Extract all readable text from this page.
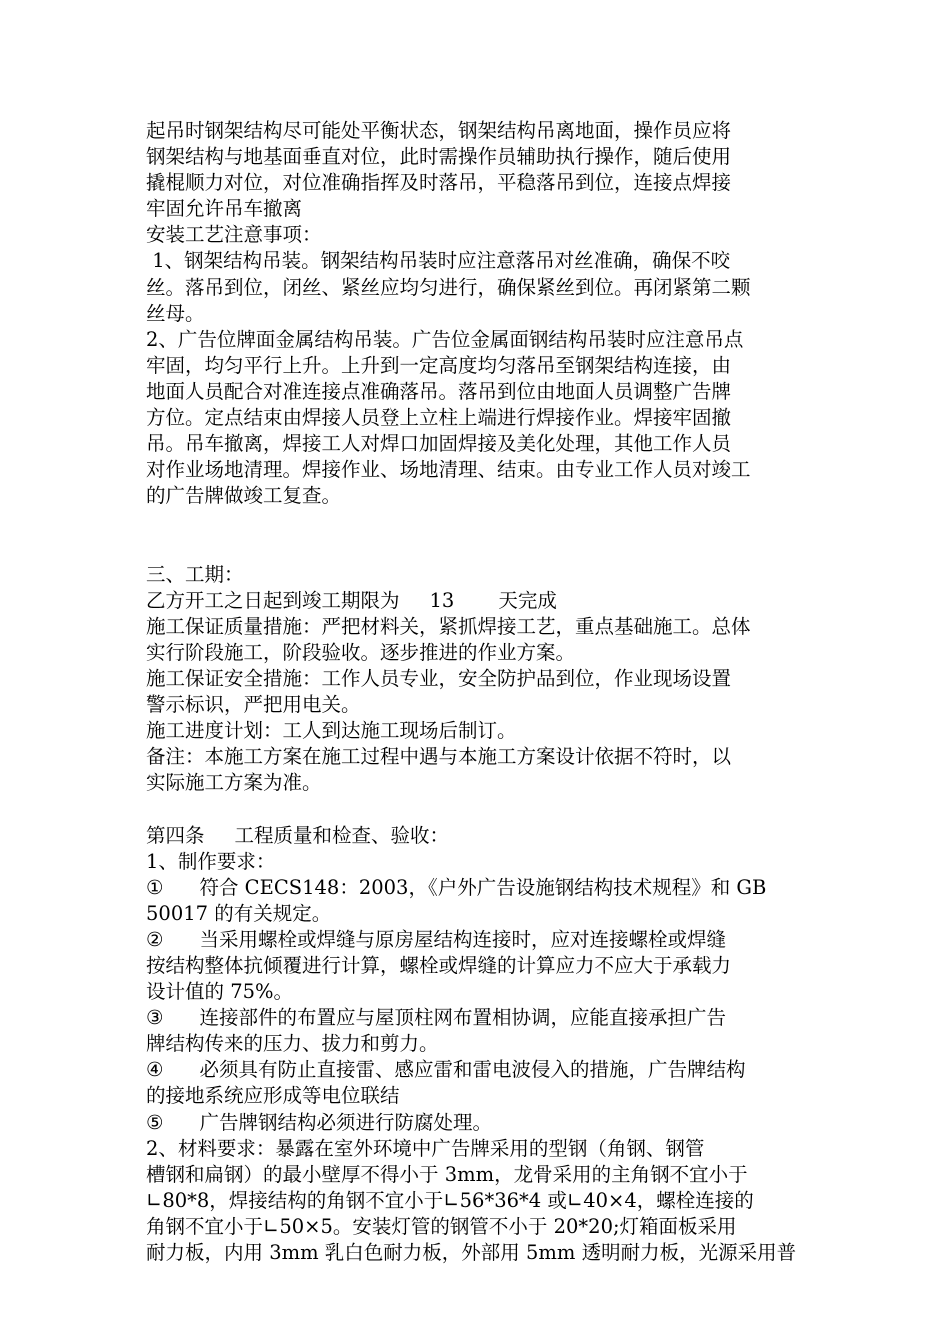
起吊时钢架结构尽可能处平衡状态，钢架结构吊离地面，操作员应将
钢架结构与地基面垂直对位，此时需操作员辅助执行操作，随后使用
撬棍顺力对位，对位准确指挥及时落吊，平稳落吊到位，连接点焊接
牢固允许吊车撤离
安装工艺注意事项：
1、钢架结构吊装。钢架结构吊装时应注意落吊对丝准确，确保不咬
丝。落吊到位，闭丝、紧丝应均匀进行，确保紧丝到位。再闭紧第二颗
丝母。
2、广告位牌面金属结构吊装。广告位金属面钢结构吊装时应注意吊点
牢固，均匀平行上升。上升到一定高度均匀落吊至钢架结构连接，由
地面人员配合对准连接点准确落吊。落吊到位由地面人员调整广告牌
方位。定点结束由焊接人员登上立柱上端进行焊接作业。焊接牢固撤
吊。吊车撤离，焊接工人对焊口加固焊接及美化处理，其他工作人员
对作业场地清理。焊接作业、场地清理、结束。由专业工作人员对竣工
的广告牌做竣工复查。
三、工期：
乙方开工之日起到竣工期限为 13 天完成
施工保证质量措施：严把材料关，紧抓焊接工艺，重点基础施工。总体
实行阶段施工，阶段验收。逐步推进的作业方案。
施工保证安全措施：工作人员专业，安全防护品到位，作业现场设置
警示标识，严把用电关。
施工进度计划：工人到达施工现场后制订。
备注：本施工方案在施工过程中遇与本施工方案设计依据不符时，以
实际施工方案为准。
第四条 工程质量和检查、验收：
1、制作要求：
① 符合 CECS148：2003，《户外广告设施钢结构技术规程》和 GB
50017 的有关规定。
② 当采用螺栓或焊缝与原房屋结构连接时，应对连接螺栓或焊缝
按结构整体抗倾覆进行计算，螺栓或焊缝的计算应力不应大于承载力
设计值的 75%。
③ 连接部件的布置应与屋顶柱网布置相协调，应能直接承担广告
牌结构传来的压力、拔力和剪力。
④ 必须具有防止直接雷、感应雷和雷电波侵入的措施，广告牌结构
的接地系统应形成等电位联结
⑤ 广告牌钢结构必须进行防腐处理。
2、材料要求：暴露在室外环境中广告牌采用的型钢（角钢、钢管
槽钢和扁钢）的最小壁厚不得小于 3mm，龙骨采用的主角钢不宜小于
∟80*8，焊接结构的角钢不宜小于∟56*36*4 或∟40×4，螺栓连接的
角钢不宜小于∟50×5。安装灯管的钢管不小于 20*20;灯箱面板采用
耐力板，内用 3mm 乳白色耐力板，外部用 5mm 透明耐力板，光源采用普
